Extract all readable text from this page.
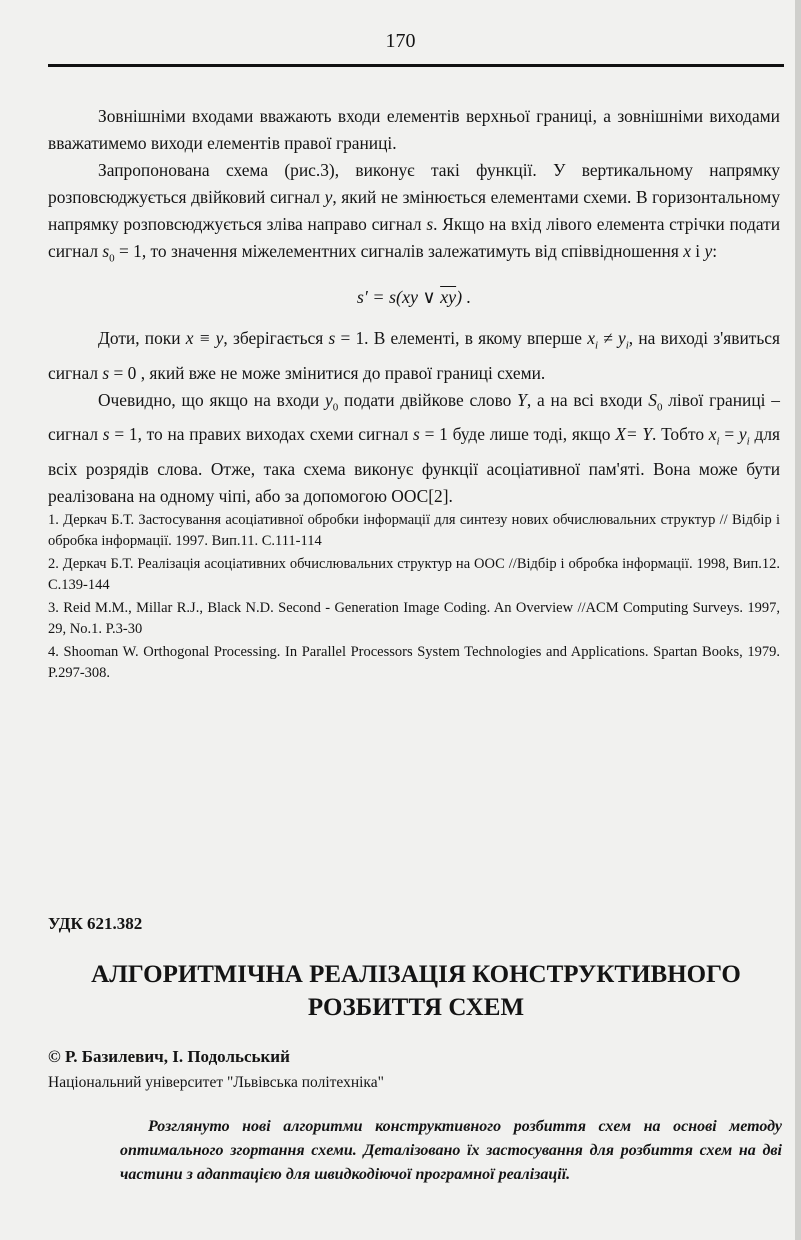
170

Зовнішніми входами вважають входи елементів верхньої границі, а зовнішніми виходами вважатимемо виходи елементів правої границі.

Запропонована схема (рис.3), виконує такі функції. У вертикальному напрямку розповсюджується двійковий сигнал y, який не змінюється елементами схеми. В горизонтальному напрямку розповсюджується зліва направо сигнал s. Якщо на вхід лівого елемента стрічки подати сигнал $s_0 = 1$, то значення міжелементних сигналів залежатимуть від співвідношення x і y:

s′ = s(xy ∨ $\overline{xy}$) .

Доти, поки x ≡ y, зберігається s = 1. В елементі, в якому вперше $x_i \ne y_i$, на виході з'явиться сигнал s = 0 , який вже не може змінитися до правої границі схеми.

Очевидно, що якщо на входи $y_0$ подати двійкове слово Y, а на всі входи $S_0$ лівої границі – сигнал s = 1, то на правих виходах схеми сигнал s = 1 буде лише тоді, якщо X= Y. Тобто $x_i = y_i$ для всіх розрядів слова. Отже, така схема виконує функції асоціативної пам'яті. Вона може бути реалізована на одному чіпі, або за допомогою ООС[2].

1. Деркач Б.Т. Застосування асоціативної обробки інформації для синтезу нових обчислювальних структур // Відбір і обробка інформації. 1997. Вип.11. С.111-114
2. Деркач Б.Т. Реалізація асоціативних обчислювальних структур на ООС //Відбір і обробка інформації. 1998, Вип.12. С.139-144
3. Reid M.M., Millar R.J., Black N.D. Second - Generation Image Coding. An Overview //ACM Computing Surveys. 1997, 29, No.1. P.3-30
4. Shooman W. Orthogonal Processing. In Parallel Processors System Technologies and Applications. Spartan Books, 1979. P.297-308.
УДК 621.382
АЛГОРИТМІЧНА РЕАЛІЗАЦІЯ КОНСТРУКТИВНОГО
РОЗБИТТЯ СХЕМ
© Р. Базилевич, І. Подольський
Національний університет "Львівська політехніка"
Розглянуто нові алгоритми конструктивного розбиття схем на основі методу оптимального згортання схеми. Деталізовано їх застосування для розбиття схем на дві частини з адаптацією для швидкодіючої програмної реалізації.
